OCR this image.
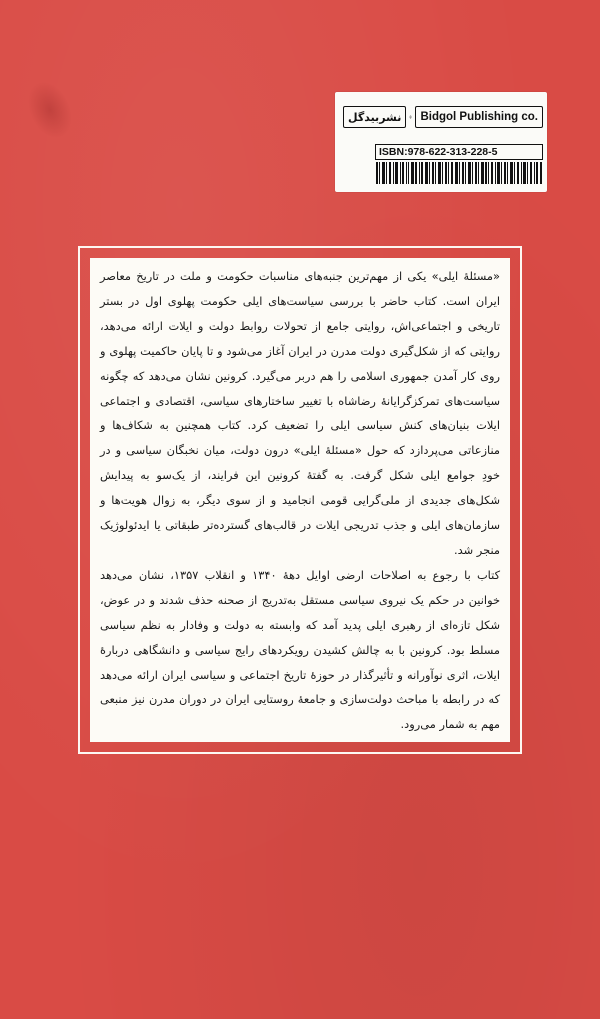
نشربیدگل Bidgol Publishing co.
ISBN:978-622-313-228-5

«مسئلهٔ ایلی» یکی از مهم‌ترین جنبه‌های مناسبات حکومت و ملت در تاریخ معاصر ایران است. کتاب حاضر با بررسی سیاست‌های ایلی حکومت پهلوی اول در بستر تاریخی و اجتماعی‌اش، روایتی جامع از تحولات روابط دولت و ایلات ارائه می‌دهد، روایتی که از شکل‌گیری دولت مدرن در ایران آغاز می‌شود و تا پایان حاکمیت پهلوی و روی کار آمدن جمهوری اسلامی را هم دربر می‌گیرد. کرونین نشان می‌دهد که چگونه سیاست‌های تمرکزگرایانهٔ رضاشاه با تغییر ساختارهای سیاسی، اقتصادی و اجتماعی ایلات بنیان‌های کنش سیاسی ایلی را تضعیف کرد. کتاب همچنین به شکاف‌ها و منازعاتی می‌پردازد که حول «مسئلهٔ ایلی» درون دولت، میان نخبگان سیاسی و در خودِ جوامع ایلی شکل گرفت. به گفتهٔ کرونین این فرایند، از یک‌سو به پیدایش شکل‌های جدیدی از ملی‌گرایی قومی انجامید و از سوی دیگر، به زوال هویت‌ها و سازمان‌های ایلی و جذب تدریجی ایلات در قالب‌های گسترده‌تر طبقاتی یا ایدئولوژیک منجر شد.

کتاب با رجوع به اصلاحات ارضی اوایل دههٔ ۱۳۴۰ و انقلاب ۱۳۵۷، نشان می‌دهد خوانین در حکم یک نیروی سیاسی مستقل به‌تدریج از صحنه حذف شدند و در عوض، شکل تازه‌ای از رهبری ایلی پدید آمد که وابسته به دولت و وفادار به نظم سیاسی مسلط بود. کرونین با به چالش کشیدن رویکردهای رایج سیاسی و دانشگاهی دربارهٔ ایلات، اثری نوآورانه و تأثیرگذار در حوزهٔ تاریخ اجتماعی و سیاسی ایران ارائه می‌دهد که در رابطه با مباحث دولت‌سازی و جامعهٔ روستایی ایران در دوران مدرن نیز منبعی مهم به شمار می‌رود.
